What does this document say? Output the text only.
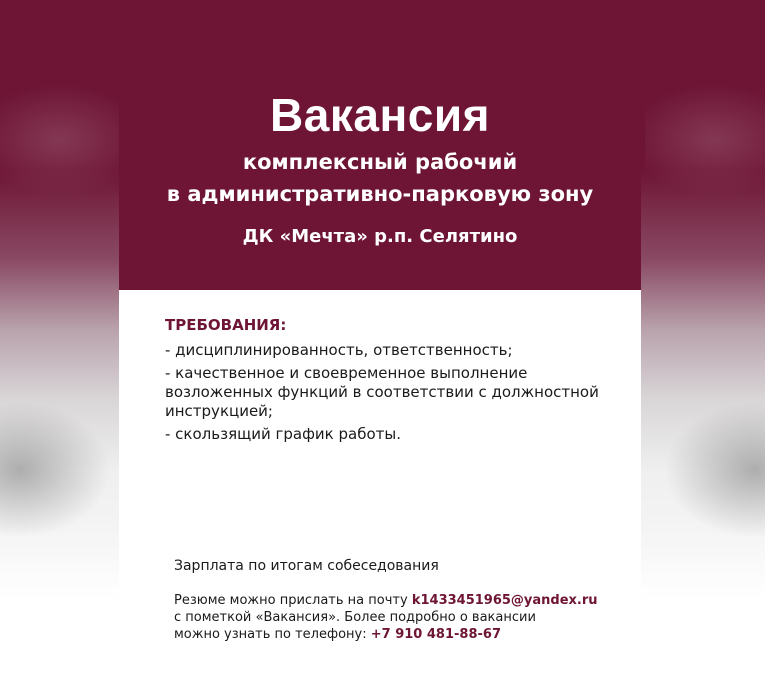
Вакансия
комплексный рабочий
в административно-парковую зону
ДК «Мечта» р.п. Селятино
ТРЕБОВАНИЯ:
- дисциплинированность, ответственность;
- качественное и своевременное выполнение возложенных функций в соответствии с должностной инструкцией;
- скользящий график работы.
Зарплата по итогам собеседования
Резюме можно прислать на почту k1433451965@yandex.ru
с пометкой «Вакансия». Более подробно о вакансии
можно узнать по телефону: +7 910 481-88-67
